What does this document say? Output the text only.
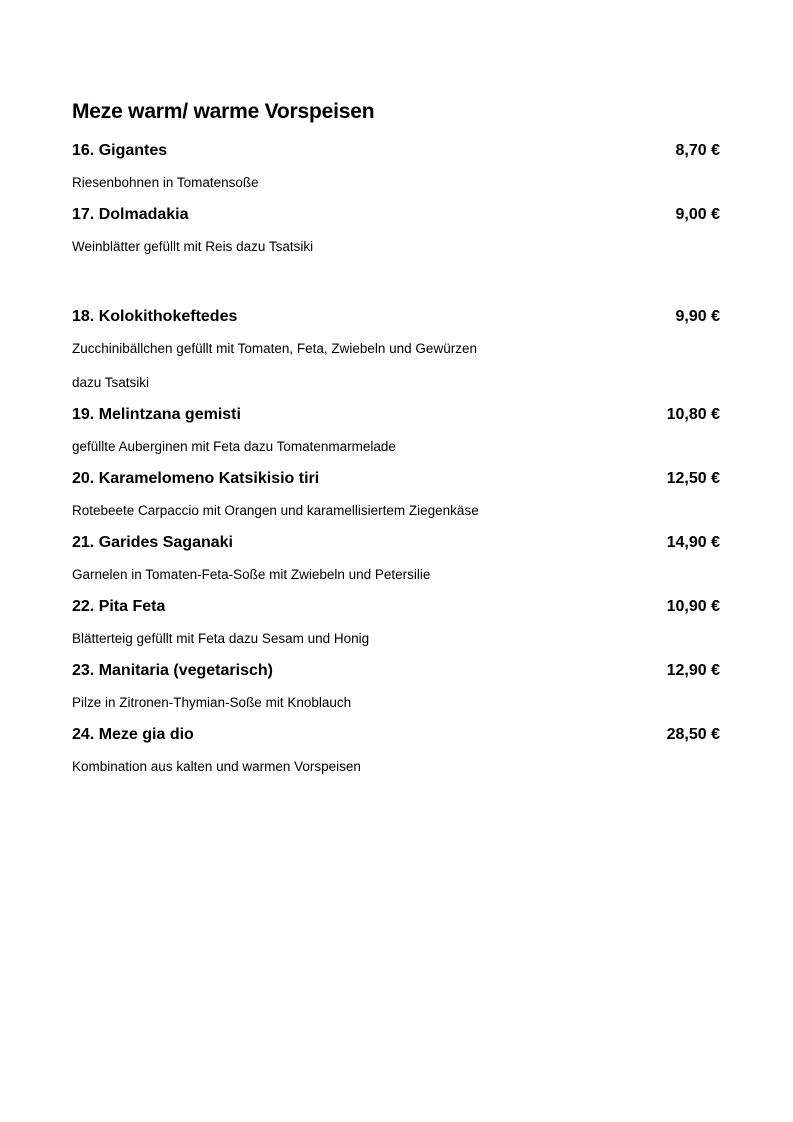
Meze warm/ warme Vorspeisen
16. Gigantes	8,70 €

Riesenbohnen in Tomatensoße

17. Dolmadakia	9,00 €

Weinblätter gefüllt mit Reis dazu Tsatsiki

18. Kolokithokeftedes	9,90 €

Zucchinibällchen gefüllt mit Tomaten, Feta, Zwiebeln und Gewürzen
dazu Tsatsiki

19. Melintzana gemisti	10,80 €

gefüllte Auberginen mit Feta dazu Tomatenmarmelade

20. Karamelomeno Katsikisio tiri	12,50 €

Rotebeete Carpaccio mit Orangen und karamellisiertem Ziegenkäse

21. Garides Saganaki	14,90 €

Garnelen in Tomaten-Feta-Soße mit Zwiebeln und Petersilie

22. Pita Feta	10,90 €

Blätterteig gefüllt mit Feta dazu Sesam und Honig

23. Manitaria (vegetarisch)	12,90 €

Pilze in Zitronen-Thymian-Soße mit Knoblauch

24. Meze gia dio	28,50 €

Kombination aus kalten und warmen Vorspeisen
